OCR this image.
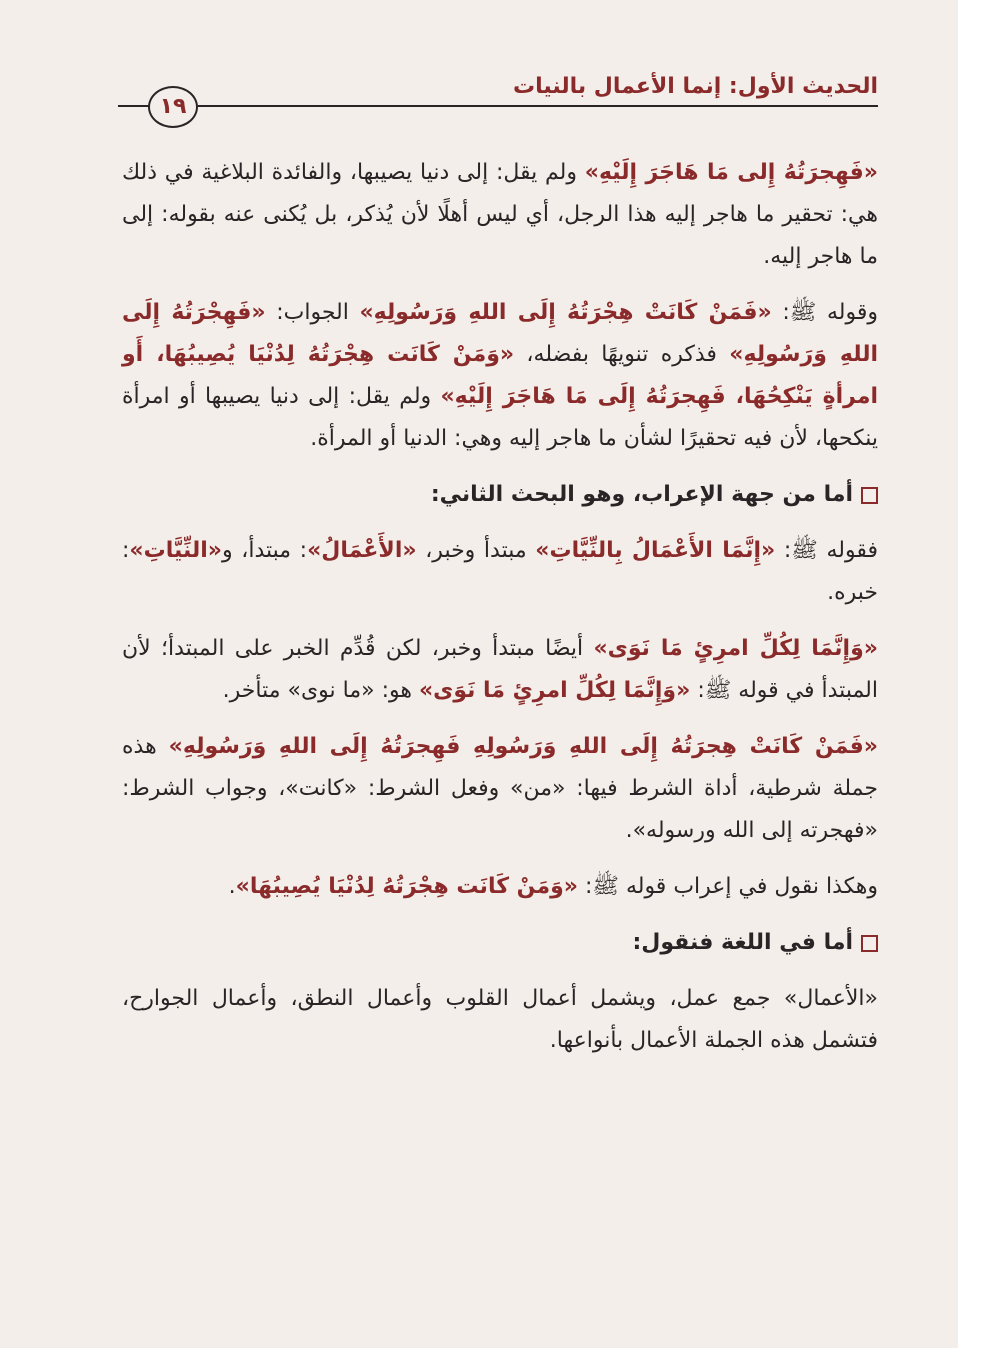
١٩
الحديث الأول: إنما الأعمال بالنيات

«فَهِجرَتُهُ إِلى مَا هَاجَرَ إِلَيْهِ» ولم يقل: إلى دنيا يصيبها، والفائدة البلاغية في ذلك هي: تحقير ما هاجر إليه هذا الرجل، أي ليس أهلًا لأن يُذكر، بل يُكنى عنه بقوله: إلى ما هاجر إليه.

وقوله ﷺ: «فَمَنْ كَانَتْ هِجْرَتُهُ إِلَى اللهِ وَرَسُولِهِ» الجواب: «فَهِجْرَتُهُ إِلَى اللهِ وَرَسُولِهِ» فذكره تنويهًا بفضله، «وَمَنْ كَانَت هِجْرَتُهُ لِدُنْيَا يُصِيبُهَا، أَو امرأةٍ يَنْكِحُهَا، فَهِجرَتُهُ إِلَى مَا هَاجَرَ إِلَيْهِ» ولم يقل: إلى دنيا يصيبها أو امرأة ينكحها، لأن فيه تحقيرًا لشأن ما هاجر إليه وهي: الدنيا أو المرأة.

أما من جهة الإعراب، وهو البحث الثاني:

فقوله ﷺ: «إِنَّمَا الأَعْمَالُ بِالنِّيَّاتِ» مبتدأ وخبر، «الأَعْمَالُ»: مبتدأ، و«النِّيَّاتِ»: خبره.

«وَإِنَّمَا لِكُلِّ امرِئٍ مَا نَوَى» أيضًا مبتدأ وخبر، لكن قُدِّم الخبر على المبتدأ؛ لأن المبتدأ في قوله ﷺ: «وَإِنَّمَا لِكُلِّ امرِئٍ مَا نَوَى» هو: «ما نوى» متأخر.

«فَمَنْ كَانَتْ هِجرَتُهُ إِلَى اللهِ وَرَسُولِهِ فَهِجرَتُهُ إِلَى اللهِ وَرَسُولِهِ» هذه جملة شرطية، أداة الشرط فيها: «من» وفعل الشرط: «كانت»، وجواب الشرط: «فهجرته إلى الله ورسوله».

وهكذا نقول في إعراب قوله ﷺ: «وَمَنْ كَانَت هِجْرَتُهُ لِدُنْيَا يُصِيبُهَا».

أما في اللغة فنقول:

«الأعمال» جمع عمل، ويشمل أعمال القلوب وأعمال النطق، وأعمال الجوارح، فتشمل هذه الجملة الأعمال بأنواعها.
